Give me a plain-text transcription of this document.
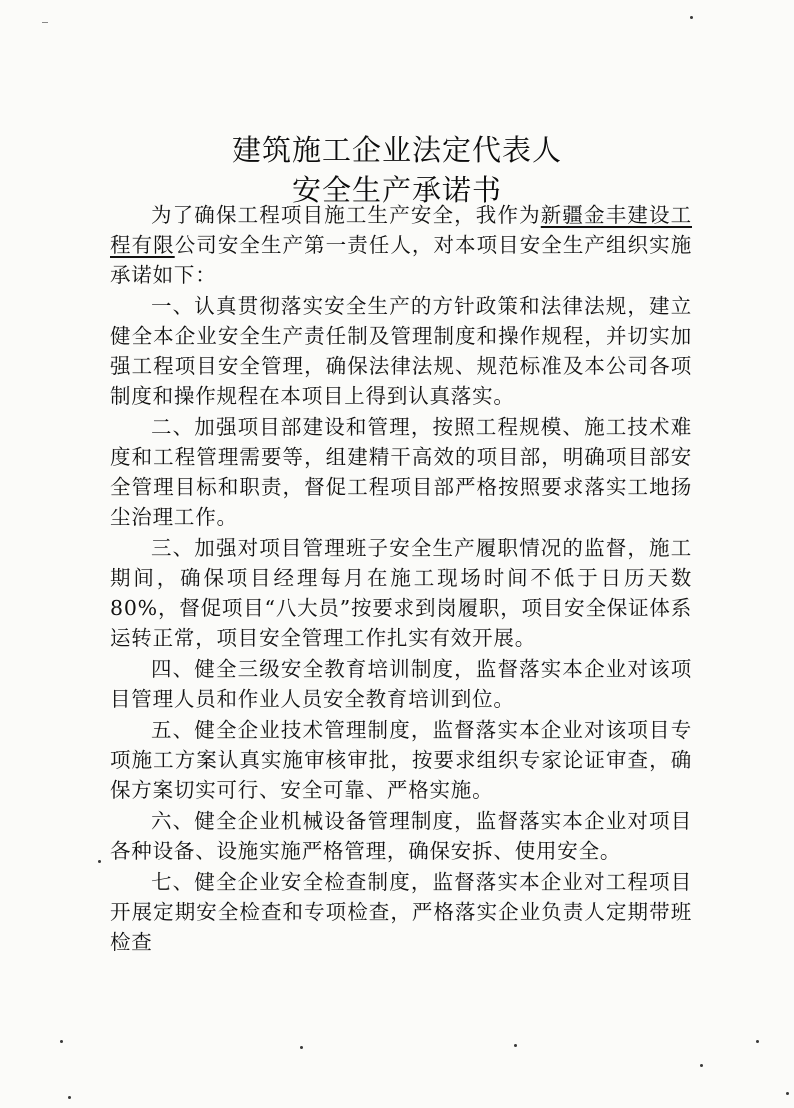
建筑施工企业法定代表人
安全生产承诺书

为了确保工程项目施工生产安全，我作为新疆金丰建设工程有限公司安全生产第一责任人，对本项目安全生产组织实施承诺如下：

一、认真贯彻落实安全生产的方针政策和法律法规，建立健全本企业安全生产责任制及管理制度和操作规程，并切实加强工程项目安全管理，确保法律法规、规范标准及本公司各项制度和操作规程在本项目上得到认真落实。

二、加强项目部建设和管理，按照工程规模、施工技术难度和工程管理需要等，组建精干高效的项目部，明确项目部安全管理目标和职责，督促工程项目部严格按照要求落实工地扬尘治理工作。

三、加强对项目管理班子安全生产履职情况的监督，施工期间，确保项目经理每月在施工现场时间不低于日历天数80%，督促项目“八大员”按要求到岗履职，项目安全保证体系运转正常，项目安全管理工作扎实有效开展。

四、健全三级安全教育培训制度，监督落实本企业对该项目管理人员和作业人员安全教育培训到位。

五、健全企业技术管理制度，监督落实本企业对该项目专项施工方案认真实施审核审批，按要求组织专家论证审查，确保方案切实可行、安全可靠、严格实施。

六、健全企业机械设备管理制度，监督落实本企业对项目各种设备、设施实施严格管理，确保安拆、使用安全。

七、健全企业安全检查制度，监督落实本企业对工程项目开展定期安全检查和专项检查，严格落实企业负责人定期带班检查
